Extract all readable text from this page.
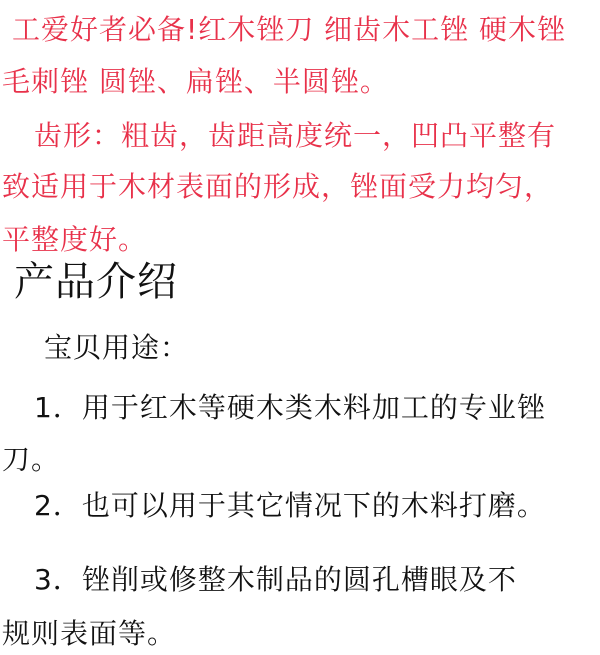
工爱好者必备!红木锉刀 细齿木工锉 硬木锉
毛刺锉 圆锉、扁锉、半圆锉。
齿形：粗齿，齿距高度统一，凹凸平整有
致适用于木材表面的形成，锉面受力均匀，
平整度好。
产品介绍
宝贝用途：
1．用于红木等硬木类木料加工的专业锉
刀。
2．也可以用于其它情况下的木料打磨。
3．锉削或修整木制品的圆孔槽眼及不
规则表面等。
